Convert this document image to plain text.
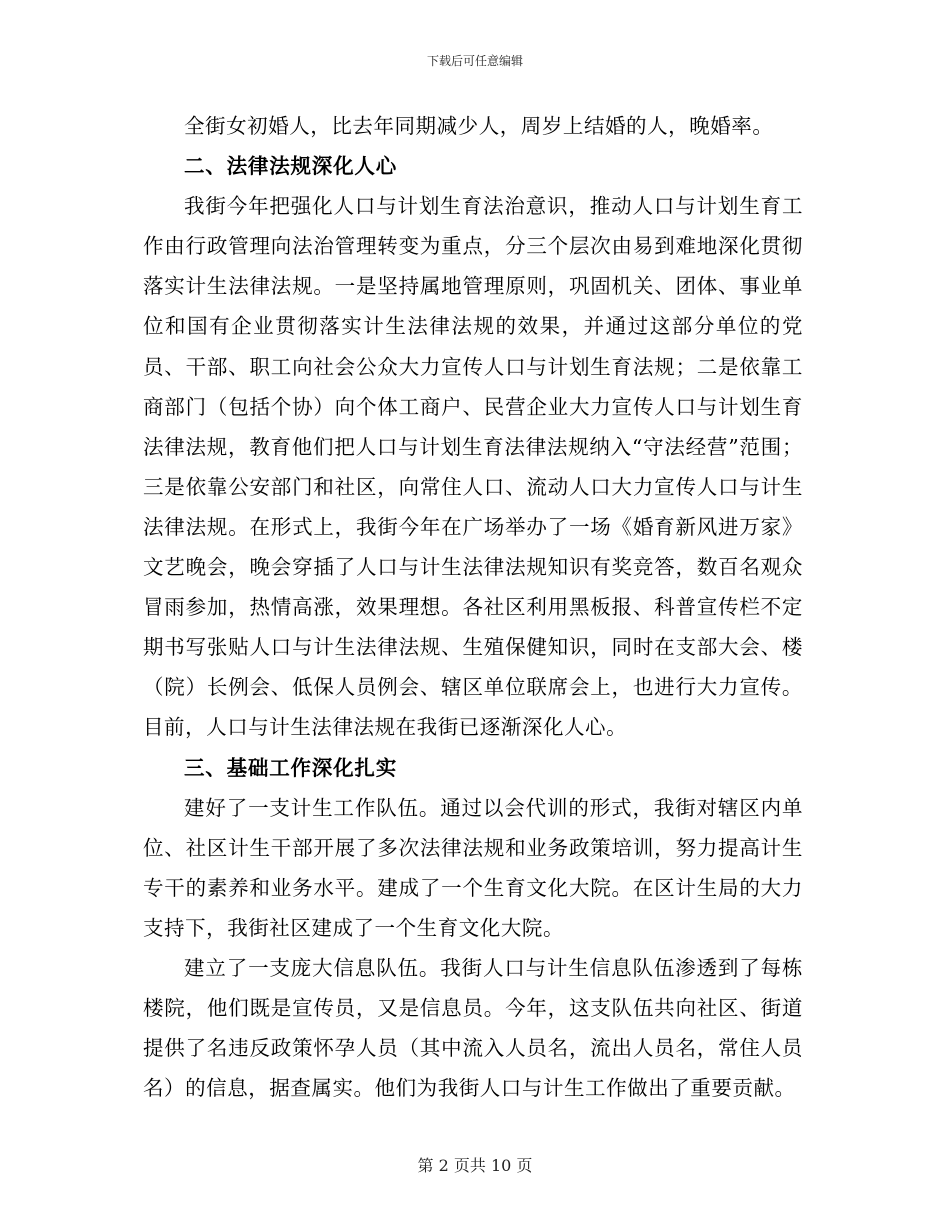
下载后可任意编辑

全街女初婚人，比去年同期减少人，周岁上结婚的人，晚婚率。

二、法律法规深化人心

我街今年把强化人口与计划生育法治意识，推动人口与计划生育工作由行政管理向法治管理转变为重点，分三个层次由易到难地深化贯彻落实计生法律法规。一是坚持属地管理原则，巩固机关、团体、事业单位和国有企业贯彻落实计生法律法规的效果，并通过这部分单位的党员、干部、职工向社会公众大力宣传人口与计划生育法规；二是依靠工商部门（包括个协）向个体工商户、民营企业大力宣传人口与计划生育法律法规，教育他们把人口与计划生育法律法规纳入“守法经营”范围；三是依靠公安部门和社区，向常住人口、流动人口大力宣传人口与计生法律法规。在形式上，我街今年在广场举办了一场《婚育新风进万家》文艺晚会，晚会穿插了人口与计生法律法规知识有奖竞答，数百名观众冒雨参加，热情高涨，效果理想。各社区利用黑板报、科普宣传栏不定期书写张贴人口与计生法律法规、生殖保健知识，同时在支部大会、楼（院）长例会、低保人员例会、辖区单位联席会上，也进行大力宣传。目前，人口与计生法律法规在我街已逐渐深化人心。

三、基础工作深化扎实

建好了一支计生工作队伍。通过以会代训的形式，我街对辖区内单位、社区计生干部开展了多次法律法规和业务政策培训，努力提高计生专干的素养和业务水平。建成了一个生育文化大院。在区计生局的大力支持下，我街社区建成了一个生育文化大院。

建立了一支庞大信息队伍。我街人口与计生信息队伍渗透到了每栋楼院，他们既是宣传员，又是信息员。今年，这支队伍共向社区、街道提供了名违反政策怀孕人员（其中流入人员名，流出人员名，常住人员名）的信息，据查属实。他们为我街人口与计生工作做出了重要贡献。

第 2 页共 10 页
